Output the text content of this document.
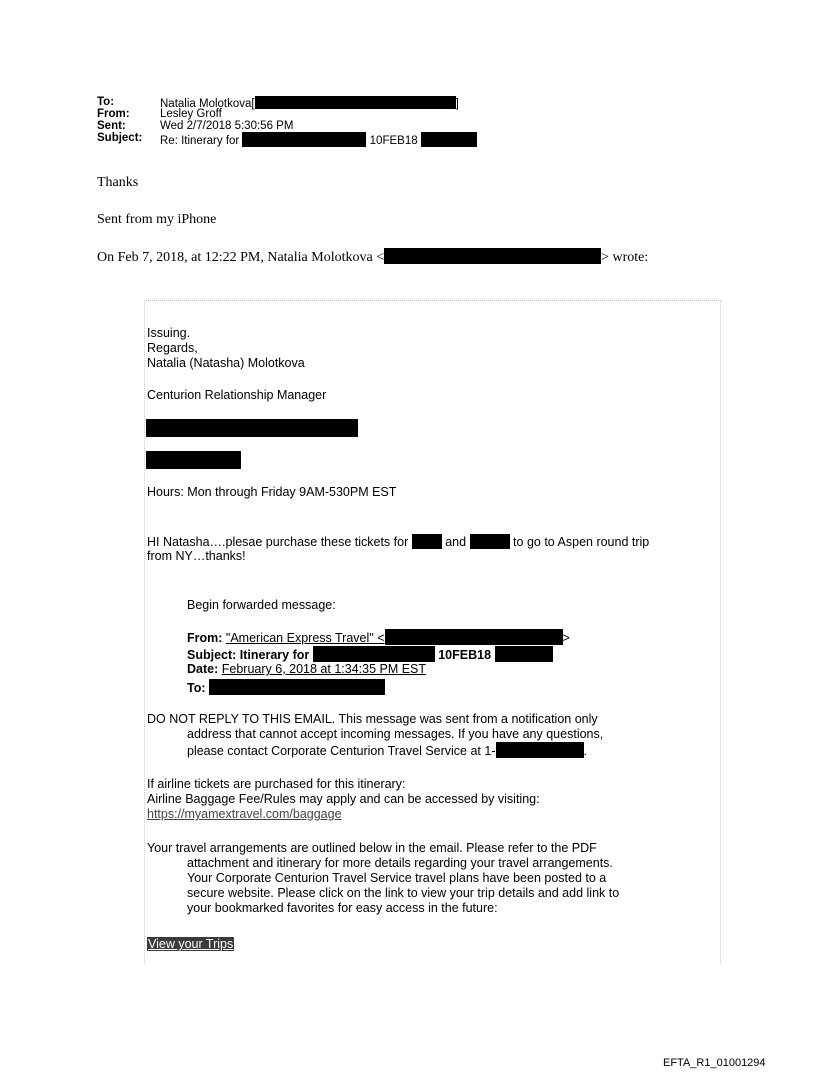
To:	Natalia Molotkova[	]
From:	Lesley Groff
Sent:	Wed 2/7/2018 5:30:56 PM
Subject:	Re: Itinerary for	10FEB18
Thanks
Sent from my iPhone
On Feb 7, 2018, at 12:22 PM, Natalia Molotkova <	> wrote:
Issuing.
Regards,
Natalia (Natasha) Molotkova
Centurion Relationship Manager
Hours: Mon through Friday 9AM-530PM EST
HI Natasha….plesae purchase these tickets for	and	to go to Aspen round trip
from NY…thanks!
Begin forwarded message:
From: "American Express Travel" <	>
Subject: Itinerary for	10FEB18
Date: February 6, 2018 at 1:34:35 PM EST
To:
DO NOT REPLY TO THIS EMAIL. This message was sent from a notification only
address that cannot accept incoming messages. If you have any questions,
please contact Corporate Centurion Travel Service at 1-	.
If airline tickets are purchased for this itinerary:
Airline Baggage Fee/Rules may apply and can be accessed by visiting:
https://myamextravel.com/baggage
Your travel arrangements are outlined below in the email. Please refer to the PDF
attachment and itinerary for more details regarding your travel arrangements.
Your Corporate Centurion Travel Service travel plans have been posted to a
secure website. Please click on the link to view your trip details and add link to
your bookmarked favorites for easy access in the future:
View your Trips
EFTA_R1_01001294
